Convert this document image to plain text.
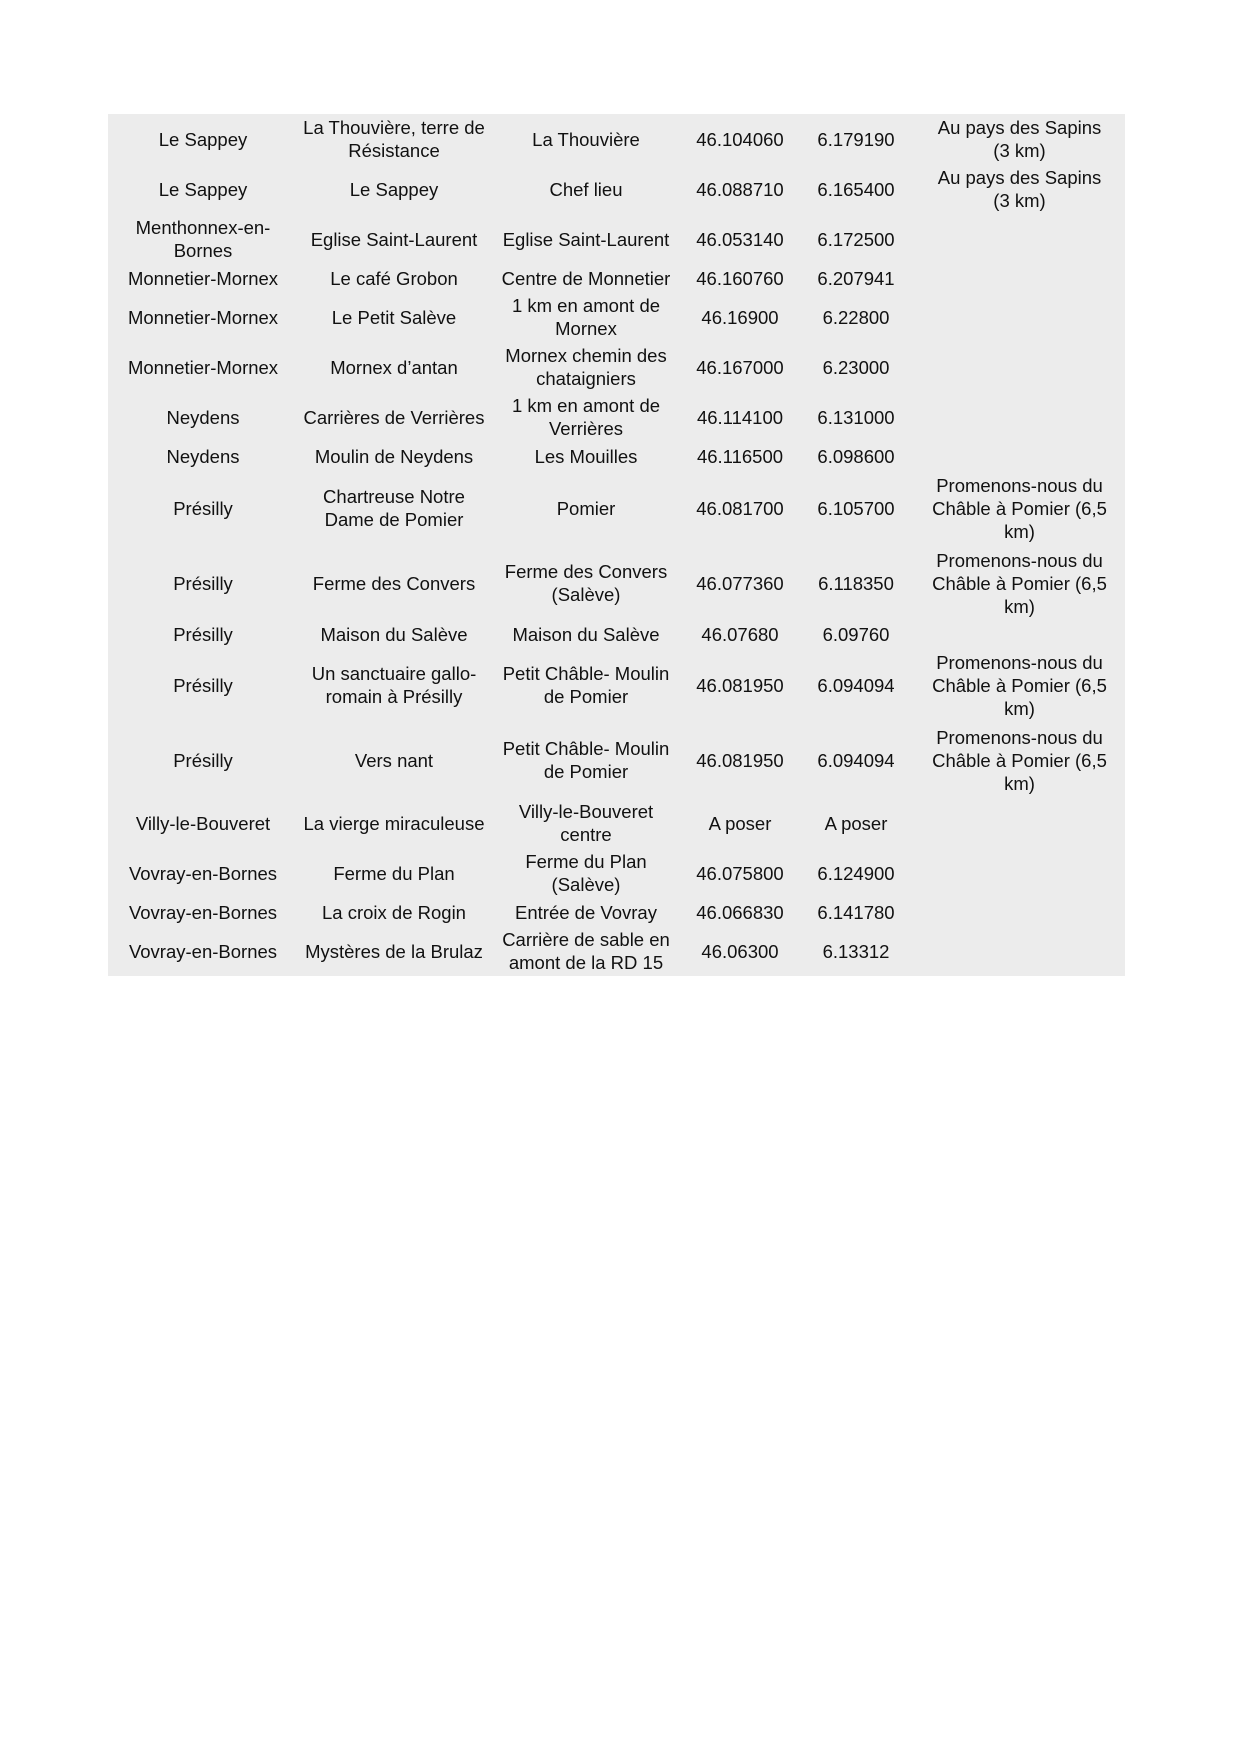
Le Sappey	La Thouvière, terre de Résistance	La Thouvière	46.104060	6.179190	Au pays des Sapins (3 km)
Le Sappey	Le Sappey	Chef lieu	46.088710	6.165400	Au pays des Sapins (3 km)
Menthonnex-en-Bornes	Eglise Saint-Laurent	Eglise Saint-Laurent	46.053140	6.172500	
Monnetier-Mornex	Le café Grobon	Centre de Monnetier	46.160760	6.207941	
Monnetier-Mornex	Le Petit Salève	1 km en amont de Mornex	46.16900	6.22800	
Monnetier-Mornex	Mornex d’antan	Mornex chemin des chataigniers	46.167000	6.23000	
Neydens	Carrières de Verrières	1 km en amont de Verrières	46.114100	6.131000	
Neydens	Moulin de Neydens	Les Mouilles	46.116500	6.098600	
Présilly	Chartreuse Notre Dame de Pomier	Pomier	46.081700	6.105700	Promenons-nous du Châble à Pomier (6,5 km)
Présilly	Ferme des Convers	Ferme des Convers (Salève)	46.077360	6.118350	Promenons-nous du Châble à Pomier (6,5 km)
Présilly	Maison du Salève	Maison du Salève	46.07680	6.09760	
Présilly	Un sanctuaire gallo-romain à Présilly	Petit Châble- Moulin de Pomier	46.081950	6.094094	Promenons-nous du Châble à Pomier (6,5 km)
Présilly	Vers nant	Petit Châble- Moulin de Pomier	46.081950	6.094094	Promenons-nous du Châble à Pomier (6,5 km)
Villy-le-Bouveret	La vierge miraculeuse	Villy-le-Bouveret centre	A poser	A poser	
Vovray-en-Bornes	Ferme du Plan	Ferme du Plan (Salève)	46.075800	6.124900	
Vovray-en-Bornes	La croix de Rogin	Entrée de Vovray	46.066830	6.141780	
Vovray-en-Bornes	Mystères de la Brulaz	Carrière de sable en amont de la RD 15	46.06300	6.13312	
